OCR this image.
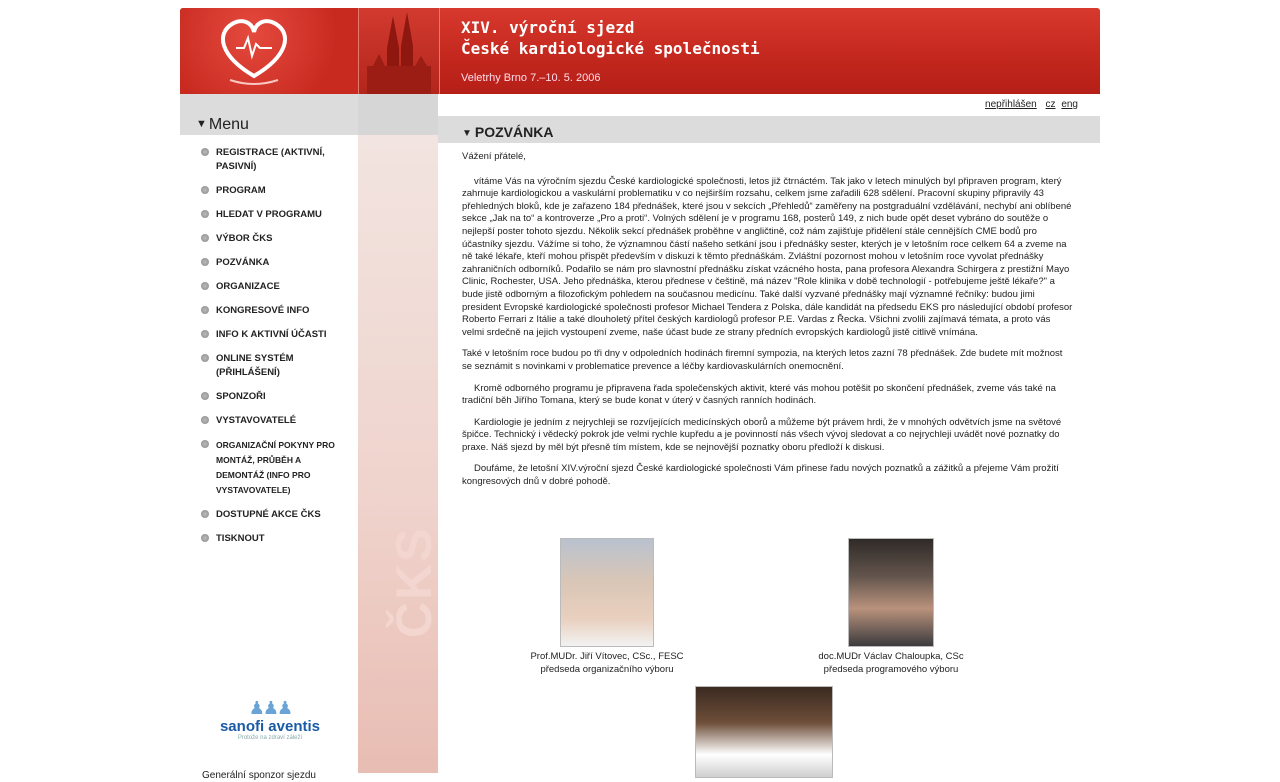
XIV. výroční sjezd
České kardiologické společnosti
Veletrhy Brno 7.–10. 5. 2006
▼ Menu
ČKS
REGISTRACE (AKTIVNÍ, PASIVNÍ)
PROGRAM
HLEDAT V PROGRAMU
VÝBOR ČKS
POZVÁNKA
ORGANIZACE
KONGRESOVÉ INFO
INFO K AKTIVNÍ ÚČASTI
ONLINE SYSTÉM (PŘIHLÁŠENÍ)
SPONZOŘI
VYSTAVOVATELÉ
ORGANIZAČNÍ POKYNY PRO MONTÁŽ, PRŮBĚH A DEMONTÁŽ (INFO PRO VYSTAVOVATELE)
DOSTUPNÉ AKCE ČKS
TISKNOUT
♟♟♟
sanofi aventis
Protože na zdraví záleží
Generální sponzor sjezdu
nepřihlášen cz eng
▼ POZVÁNKA

Vážení přátelé,

vítáme Vás na výročním sjezdu České kardiologické společnosti, letos již čtrnáctém. Tak jako v letech minulých byl připraven program, který zahrnuje kardiologickou a vaskulární problematiku v co nejširším rozsahu, celkem jsme zařadili 628 sdělení. Pracovní skupiny připravily 43 přehledných bloků, kde je zařazeno 184 přednášek, které jsou v sekcích „Přehledů“ zaměřeny na postgraduální vzdělávání, nechybí ani oblíbené sekce „Jak na to“ a kontroverze „Pro a proti“. Volných sdělení je v programu 168, posterů 149, z nich bude opět deset vybráno do soutěže o nejlepší poster tohoto sjezdu. Několik sekcí přednášek proběhne v angličtině, což nám zajišťuje přidělení stále cennějších CME bodů pro účastníky sjezdu. Vážíme si toho, že významnou částí našeho setkání jsou i přednášky sester, kterých je v letošním roce celkem 64 a zveme na ně také lékaře, kteří mohou přispět především v diskuzi k těmto přednáškám. Zvláštní pozornost mohou v letošním roce vyvolat přednášky zahraničních odborníků. Podařilo se nám pro slavnostní přednášku získat vzácného hosta, pana profesora Alexandra Schirgera z prestižní Mayo Clinic, Rochester, USA. Jeho přednáška, kterou přednese v češtině, má název "Role klinika v době technologií - potřebujeme ještě lékaře?" a bude jistě odborným a filozofickým pohledem na současnou medicínu. Také další vyzvané přednášky mají významné řečníky: budou jimi president Evropské kardiologické společnosti profesor Michael Tendera z Polska, dále kandidát na předsedu EKS pro následující období profesor Roberto Ferrari z Itálie a také dlouholetý přítel českých kardiologů profesor P.E. Vardas z Řecka. Všichni zvolili zajímavá témata, a proto vás velmi srdečně na jejich vystoupení zveme, naše účast bude ze strany předních evropských kardiologů jistě citlivě vnímána.

Také v letošním roce budou po tři dny v odpoledních hodinách firemní sympozia, na kterých letos zazní 78 přednášek. Zde budete mít možnost se seznámit s novinkami v problematice prevence a léčby kardiovaskulárních onemocnění.

Kromě odborného programu je připravena řada společenských aktivit, které vás mohou potěšit po skončení přednášek, zveme vás také na tradiční běh Jiřího Tomana, který se bude konat v úterý v časných ranních hodinách.

Kardiologie je jedním z nejrychleji se rozvíjejících medicínských oborů a můžeme být právem hrdi, že v mnohých odvětvích jsme na světové špičce. Technický i vědecký pokrok jde velmi rychle kupředu a je povinností nás všech vývoj sledovat a co nejrychleji uvádět nové poznatky do praxe. Náš sjezd by měl být přesně tím místem, kde se nejnovější poznatky oboru předloží k diskusi.

Doufáme, že letošní XIV.výroční sjezd České kardiologické společnosti Vám přinese řadu nových poznatků a zážitků a přejeme Vám prožití kongresových dnů v dobré pohodě.

Prof.MUDr. Jiří Vítovec, CSc., FESC
předseda organizačního výboru
doc.MUDr Václav Chaloupka, CSc
předseda programového výboru
